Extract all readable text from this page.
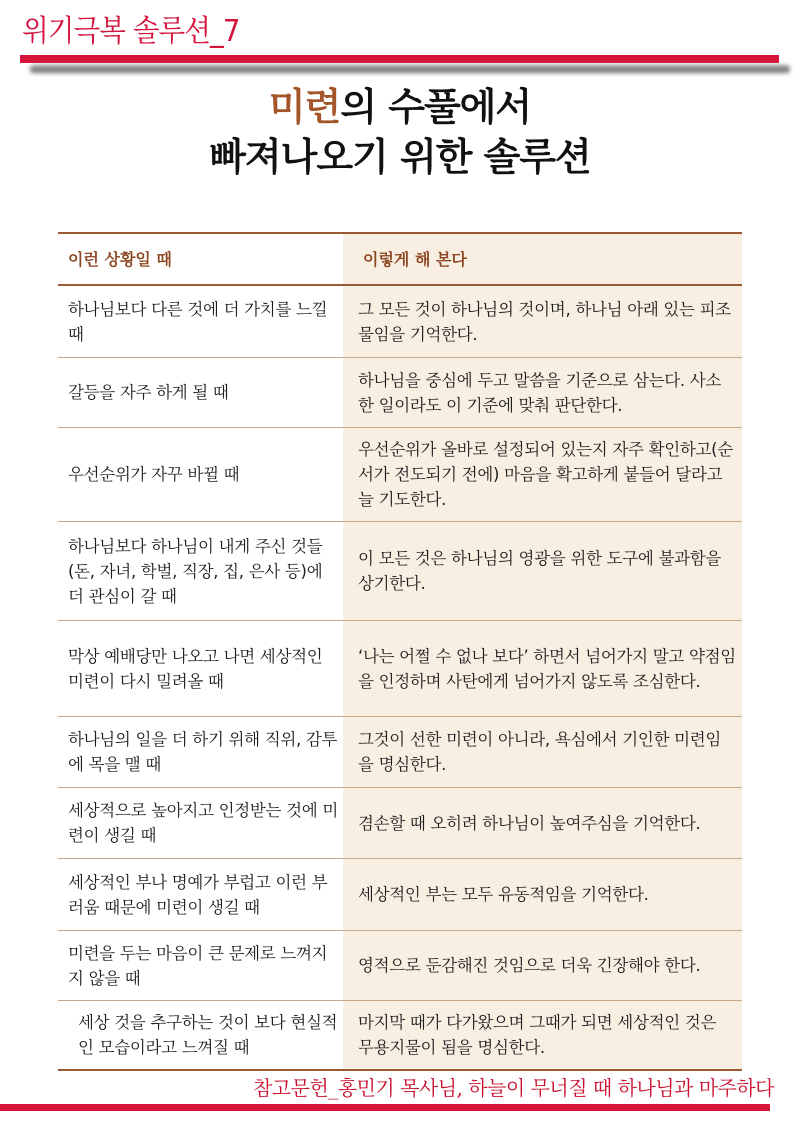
위기극복 솔루션_7
미련의 수풀에서
빠져나오기 위한 솔루션
이런 상황일 때	이렇게 해 본다
하나님보다 다른 것에 더 가치를 느낄 때
그 모든 것이 하나님의 것이며, 하나님 아래 있는 피조물임을 기억한다.
갈등을 자주 하게 될 때
하나님을 중심에 두고 말씀을 기준으로 삼는다. 사소한 일이라도 이 기준에 맞춰 판단한다.
우선순위가 자꾸 바뀔 때
우선순위가 올바로 설정되어 있는지 자주 확인하고(순서가 전도되기 전에) 마음을 확고하게 붙들어 달라고 늘 기도한다.
하나님보다 하나님이 내게 주신 것들(돈, 자녀, 학벌, 직장, 집, 은사 등)에 더 관심이 갈 때
이 모든 것은 하나님의 영광을 위한 도구에 불과함을 상기한다.
막상 예배당만 나오고 나면 세상적인 미련이 다시 밀려올 때
‘나는 어쩔 수 없나 보다’ 하면서 넘어가지 말고 약점임을 인정하며 사탄에게 넘어가지 않도록 조심한다.
하나님의 일을 더 하기 위해 직위, 감투에 목을 맬 때
그것이 선한 미련이 아니라, 욕심에서 기인한 미련임을 명심한다.
세상적으로 높아지고 인정받는 것에 미련이 생길 때
겸손할 때 오히려 하나님이 높여주심을 기억한다.
세상적인 부나 명예가 부럽고 이런 부러움 때문에 미련이 생길 때
세상적인 부는 모두 유동적임을 기억한다.
미련을 두는 마음이 큰 문제로 느껴지지 않을 때
영적으로 둔감해진 것임으로 더욱 긴장해야 한다.
세상 것을 추구하는 것이 보다 현실적인 모습이라고 느껴질 때
마지막 때가 다가왔으며 그때가 되면 세상적인 것은 무용지물이 됨을 명심한다.
참고문헌_홍민기 목사님, 하늘이 무너질 때 하나님과 마주하다
